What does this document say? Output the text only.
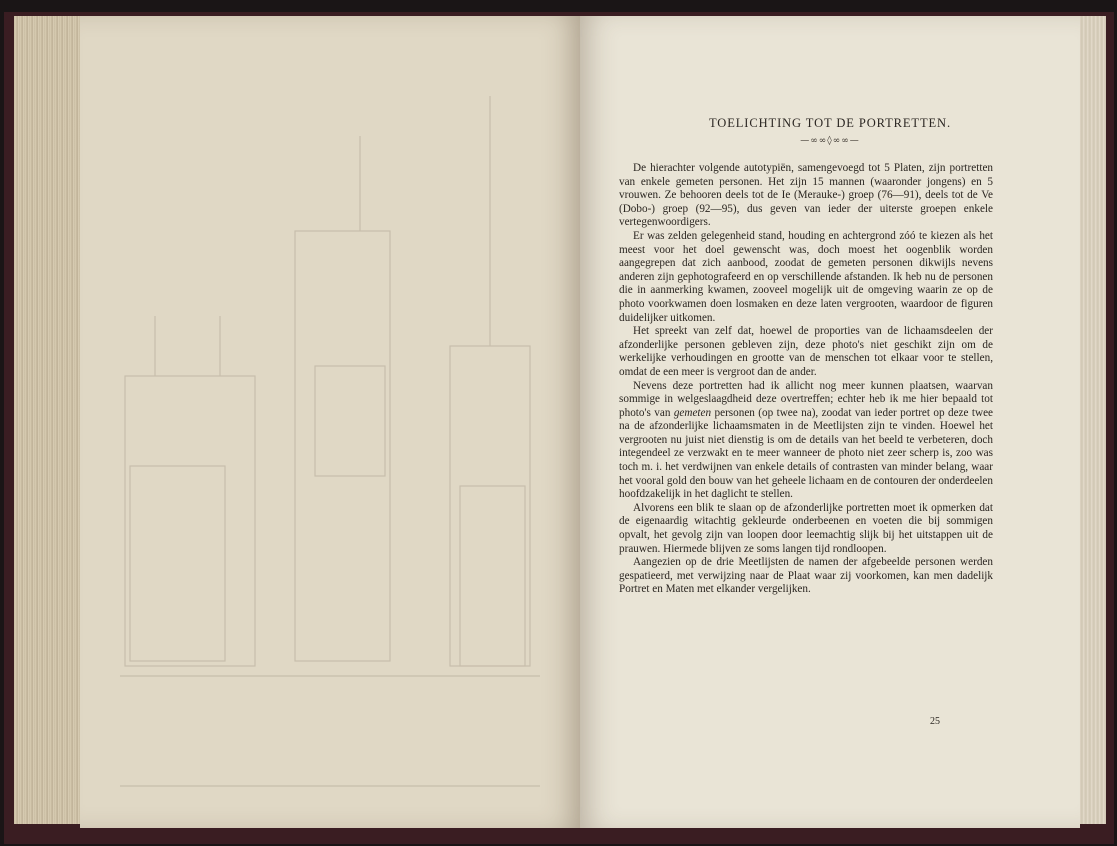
TOELICHTING TOT DE PORTRETTEN.
—∞∞◊∞∞—

De hierachter volgende autotypiën, samengevoegd tot 5 Platen, zijn portretten van enkele gemeten personen. Het zijn 15 mannen (waaronder jongens) en 5 vrouwen. Ze behooren deels tot de Ie (Merauke-) groep (76—91), deels tot de Ve (Dobo-) groep (92—95), dus geven van ieder der uiterste groepen enkele vertegenwoordigers.

Er was zelden gelegenheid stand, houding en achtergrond zóó te kiezen als het meest voor het doel gewenscht was, doch moest het oogenblik worden aangegrepen dat zich aanbood, zoodat de gemeten personen dikwijls nevens anderen zijn gephotografeerd en op verschillende afstanden. Ik heb nu de personen die in aanmerking kwamen, zooveel mogelijk uit de omgeving waarin ze op de photo voorkwamen doen losmaken en deze laten vergrooten, waardoor de figuren duidelijker uitkomen.

Het spreekt van zelf dat, hoewel de proporties van de lichaamsdeelen der afzonderlijke personen gebleven zijn, deze photo's niet geschikt zijn om de werkelijke verhoudingen en grootte van de menschen tot elkaar voor te stellen, omdat de een meer is vergroot dan de ander.

Nevens deze portretten had ik allicht nog meer kunnen plaatsen, waarvan sommige in welgeslaagdheid deze overtreffen; echter heb ik me hier bepaald tot photo's van gemeten personen (op twee na), zoodat van ieder portret op deze twee na de afzonderlijke lichaamsmaten in de Meetlijsten zijn te vinden. Hoewel het vergrooten nu juist niet dienstig is om de details van het beeld te verbeteren, doch integendeel ze verzwakt en te meer wanneer de photo niet zeer scherp is, zoo was toch m. i. het verdwijnen van enkele details of contrasten van minder belang, waar het vooral gold den bouw van het geheele lichaam en de contouren der onderdeelen hoofdzakelijk in het daglicht te stellen.

Alvorens een blik te slaan op de afzonderlijke portretten moet ik opmerken dat de eigenaardig witachtig gekleurde onderbeenen en voeten die bij sommigen opvalt, het gevolg zijn van loopen door leemachtig slijk bij het uitstappen uit de prauwen. Hiermede blijven ze soms langen tijd rondloopen.

Aangezien op de drie Meetlijsten de namen der afgebeelde personen werden gespatieerd, met verwijzing naar de Plaat waar zij voorkomen, kan men dadelijk Portret en Maten met elkander vergelijken.

25
